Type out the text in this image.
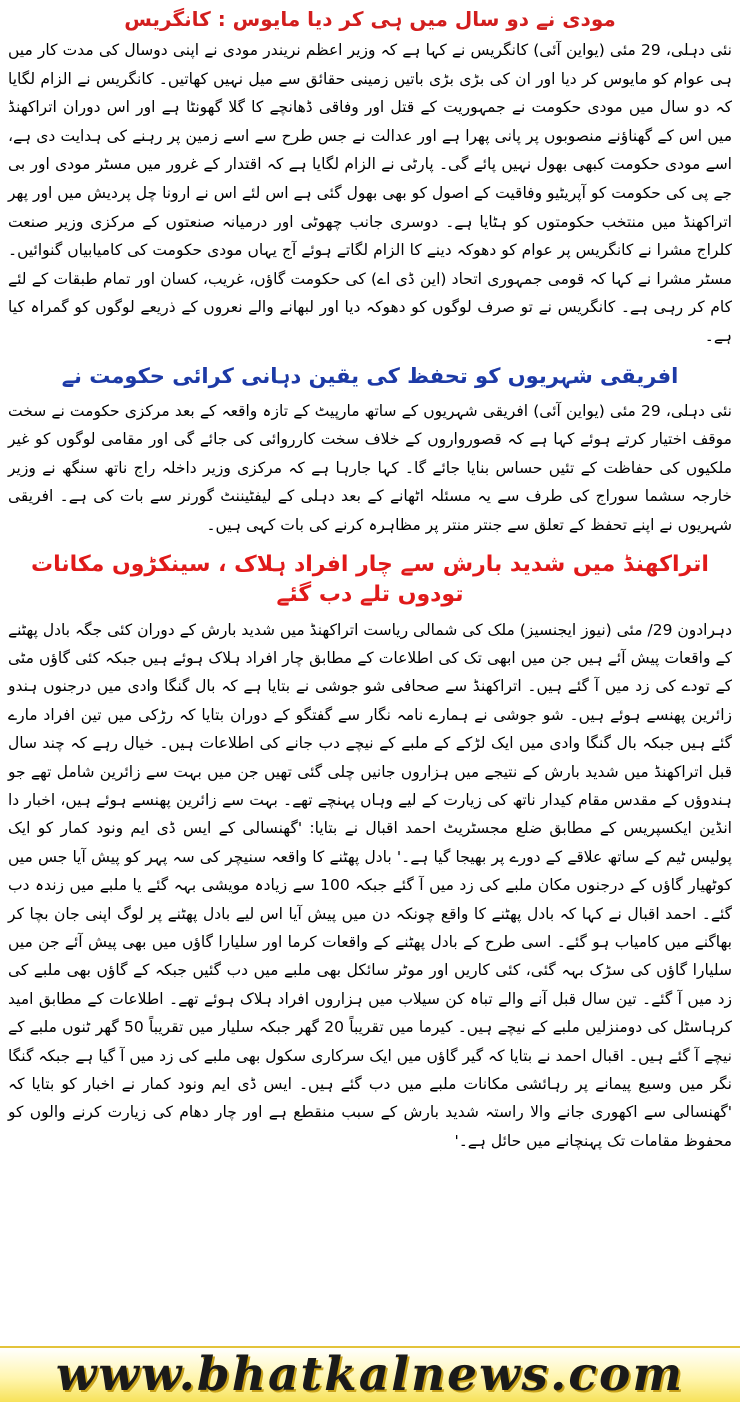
مودی نے دو سال میں ہی کر دیا مایوس : کانگریس

نئی دہلی، 29 مئی (یواین آئی) کانگریس نے کہا ہے کہ وزیر اعظم نریندر مودی نے اپنی دوسال کی مدت کار میں ہی عوام کو مایوس کر دیا اور ان کی بڑی بڑی باتیں زمینی حقائق سے میل نہیں کھاتیں۔ کانگریس نے الزام لگایا کہ دو سال میں مودی حکومت نے جمہوریت کے قتل اور وفاقی ڈھانچے کا گلا گھونٹا ہے اور اس دوران اتراکھنڈ میں اس کے گھناؤنے منصوبوں پر پانی پھرا ہے اور عدالت نے جس طرح سے اسے زمین پر رہنے کی ہدایت دی ہے، اسے مودی حکومت کبھی بھول نہیں پائے گی۔ پارٹی نے الزام لگایا ہے کہ اقتدار کے غرور میں مسٹر مودی اور بی جے پی کی حکومت کو آپریٹیو وفاقیت کے اصول کو بھی بھول گئی ہے اس لئے اس نے ارونا چل پردیش میں اور پھر اتراکھنڈ میں منتخب حکومتوں کو ہٹایا ہے۔ دوسری جانب چھوٹی اور درمیانہ صنعتوں کے مرکزی وزیر صنعت کلراج مشرا نے کانگریس پر عوام کو دھوکہ دینے کا الزام لگاتے ہوئے آج یہاں مودی حکومت کی کامیابیاں گنوائیں۔ مسٹر مشرا نے کہا کہ قومی جمہوری اتحاد (این ڈی اے) کی حکومت گاؤں، غریب، کسان اور تمام طبقات کے لئے کام کر رہی ہے۔ کانگریس نے تو صرف لوگوں کو دھوکہ دیا اور لبھانے والے نعروں کے ذریعے لوگوں کو گمراہ کیا ہے۔

افریقی شہریوں کو تحفظ کی یقین دہانی کرائی حکومت نے

نئی دہلی، 29 مئی (یواین آئی) افریقی شہریوں کے ساتھ مارپیٹ کے تازہ واقعہ کے بعد مرکزی حکومت نے سخت موقف اختیار کرتے ہوئے کہا ہے کہ قصورواروں کے خلاف سخت کارروائی کی جائے گی اور مقامی لوگوں کو غیر ملکیوں کی حفاظت کے تئیں حساس بنایا جائے گا۔ کہا جارہا ہے کہ مرکزی وزیر داخلہ راج ناتھ سنگھ نے وزیر خارجہ سشما سوراج کی طرف سے یہ مسئلہ اٹھانے کے بعد دہلی کے لیفٹیننٹ گورنر سے بات کی ہے۔ افریقی شہریوں نے اپنے تحفظ کے تعلق سے جنتر منتر پر مظاہرہ کرنے کی بات کہی ہیں۔

اتراکھنڈ میں شدید بارش سے چار افراد ہلاک ، سینکڑوں مکانات تودوں تلے دب گئے

دہرادون 29/ مئی (نیوز ایجنسیز) ملک کی شمالی ریاست اتراکھنڈ میں شدید بارش کے دوران کئی جگہ بادل پھٹنے کے واقعات پیش آئے ہیں جن میں ابھی تک کی اطلاعات کے مطابق چار افراد ہلاک ہوئے ہیں جبکہ کئی گاؤں مٹی کے تودے کی زد میں آ گئے ہیں۔ اتراکھنڈ سے صحافی شو جوشی نے بتایا ہے کہ بال گنگا وادی میں درجنوں ہندو زائرین پھنسے ہوئے ہیں۔ شو جوشی نے ہمارے نامہ نگار سے گفتگو کے دوران بتایا کہ رڑکی میں تین افراد مارے گئے ہیں جبکہ بال گنگا وادی میں ایک لڑکے کے ملبے کے نیچے دب جانے کی اطلاعات ہیں۔ خیال رہے کہ چند سال قبل اتراکھنڈ میں شدید بارش کے نتیجے میں ہزاروں جانیں چلی گئی تھیں جن میں بہت سے زائرین شامل تھے جو ہندوؤں کے مقدس مقام کیدار ناتھ کی زیارت کے لیے وہاں پہنچے تھے۔ بہت سے زائرین پھنسے ہوئے ہیں، اخبار دا انڈین ایکسپریس کے مطابق ضلع مجسٹریٹ احمد اقبال نے بتایا: 'گھنسالی کے ایس ڈی ایم ونود کمار کو ایک پولیس ٹیم کے ساتھ علاقے کے دورے پر بھیجا گیا ہے۔' بادل پھٹنے کا واقعہ سنیچر کی سہ پہر کو پیش آیا جس میں کوٹھیار گاؤں کے درجنوں مکان ملبے کی زد میں آ گئے جبکہ 100 سے زیادہ مویشی بہہ گئے یا ملبے میں زندہ دب گئے۔ احمد اقبال نے کہا کہ بادل پھٹنے کا واقع چونکہ دن میں پیش آیا اس لیے بادل پھٹنے پر لوگ اپنی جان بچا کر بھاگنے میں کامیاب ہو گئے۔ اسی طرح کے بادل پھٹنے کے واقعات کرما اور سلیارا گاؤں میں بھی پیش آئے جن میں سلیارا گاؤں کی سڑک بہہ گئی، کئی کاریں اور موٹر سائکل بھی ملبے میں دب گئیں جبکہ کے گاؤں بھی ملبے کی زد میں آ گئے۔ تین سال قبل آنے والے تباہ کن سیلاب میں ہزاروں افراد ہلاک ہوئے تھے۔ اطلاعات کے مطابق امید کرہاسٹل کی دومنزلیں ملبے کے نیچے ہیں۔ کیرما میں تقریباً 20 گھر جبکہ سلیار میں تقریباً 50 گھر ٹنوں ملبے کے نیچے آ گئے ہیں۔ اقبال احمد نے بتایا کہ گیر گاؤں میں ایک سرکاری سکول بھی ملبے کی زد میں آ گیا ہے جبکہ گنگا نگر میں وسیع پیمانے پر رہائشی مکانات ملبے میں دب گئے ہیں۔ ایس ڈی ایم ونود کمار نے اخبار کو بتایا کہ 'گھنسالی سے اکھوری جانے والا راستہ شدید بارش کے سبب منقطع ہے اور چار دھام کی زیارت کرنے والوں کو محفوظ مقامات تک پہنچانے میں حائل ہے۔'

www.bhatkalnews.com
